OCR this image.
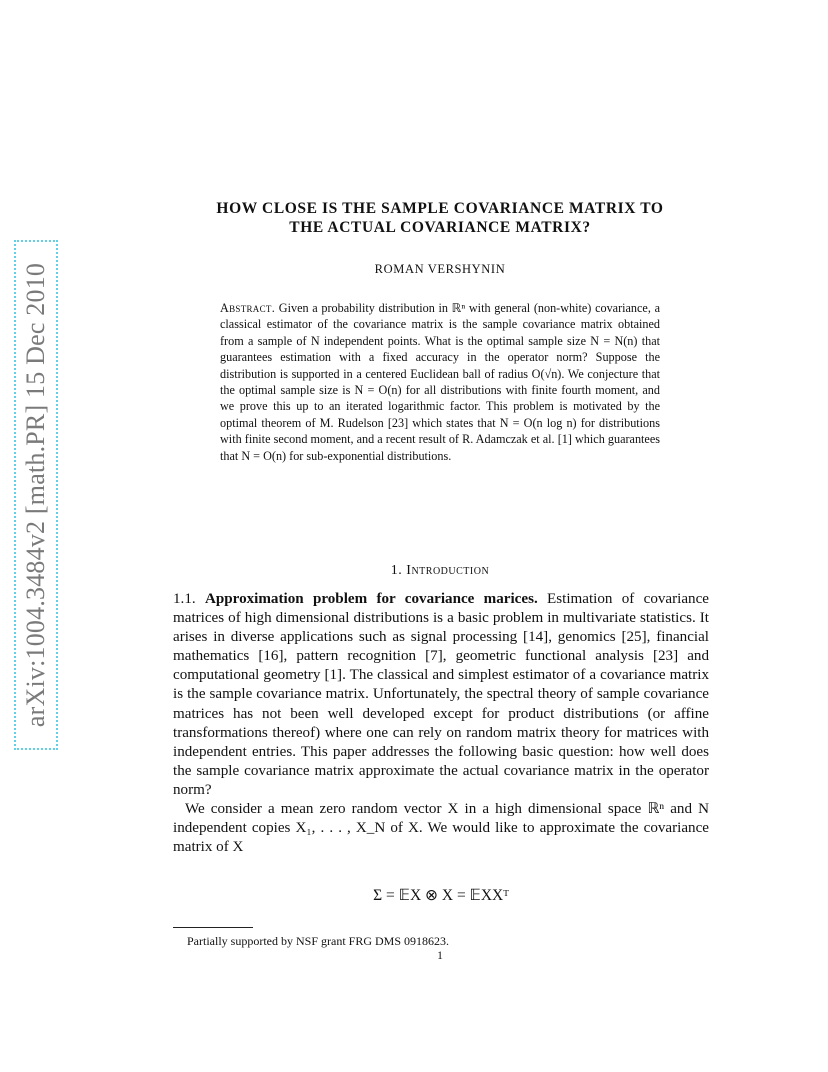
arXiv:1004.3484v2 [math.PR] 15 Dec 2010
HOW CLOSE IS THE SAMPLE COVARIANCE MATRIX TO
THE ACTUAL COVARIANCE MATRIX?
ROMAN VERSHYNIN
Abstract. Given a probability distribution in ℝⁿ with general (non-white) covariance, a classical estimator of the covariance matrix is the sample covariance matrix obtained from a sample of N independent points. What is the optimal sample size N = N(n) that guarantees estimation with a fixed accuracy in the operator norm? Suppose the distribution is supported in a centered Euclidean ball of radius O(√n). We conjecture that the optimal sample size is N = O(n) for all distributions with finite fourth moment, and we prove this up to an iterated logarithmic factor. This problem is motivated by the optimal theorem of M. Rudelson [23] which states that N = O(n log n) for distributions with finite second moment, and a recent result of R. Adamczak et al. [1] which guarantees that N = O(n) for sub-exponential distributions.
1. Introduction

1.1. Approximation problem for covariance marices. Estimation of covariance matrices of high dimensional distributions is a basic problem in multivariate statistics. It arises in diverse applications such as signal processing [14], genomics [25], financial mathematics [16], pattern recognition [7], geometric functional analysis [23] and computational geometry [1]. The classical and simplest estimator of a covariance matrix is the sample covariance matrix. Unfortunately, the spectral theory of sample covariance matrices has not been well developed except for product distributions (or affine transformations thereof) where one can rely on random matrix theory for matrices with independent entries. This paper addresses the following basic question: how well does the sample covariance matrix approximate the actual covariance matrix in the operator norm?

We consider a mean zero random vector X in a high dimensional space ℝⁿ and N independent copies X₁, . . . , X_N of X. We would like to approximate the covariance matrix of X

Σ = 𝔼X ⊗ X = 𝔼XXᵀ
Partially supported by NSF grant FRG DMS 0918623.
1
